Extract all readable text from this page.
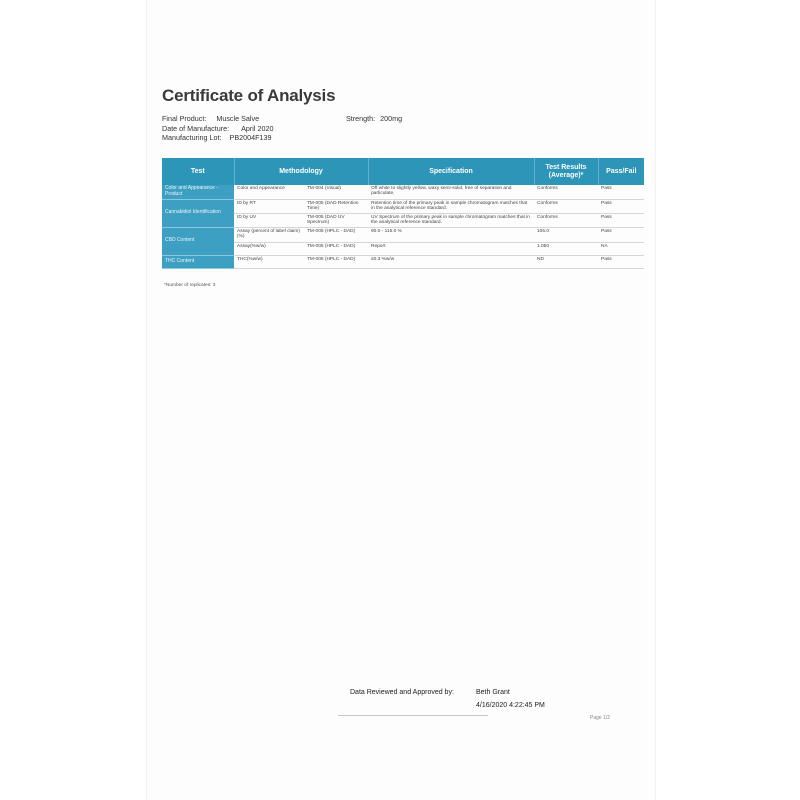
Certificate of Analysis
Final Product: Muscle Salve	Strength: 200mg
Date of Manufacture: April 2020
Manufacturing Lot: PB2004F139
Test	Methodology		Specification	Test Results (Average)*	Pass/Fail
Color and Appearance - Product	Color and Appearance	TM-004 (Visual)	Off white to slightly yellow, waxy semi-solid, free of separation and particulate.	Conforms	Pass
Cannabidiol Identification	ID by RT	TM-005 (DAD Retention Time)	Retention time of the primary peak in sample chromatogram matches that in the analytical reference standard.	Conforms	Pass
	ID by UV	TM-005 (DAD UV Spectrum)	UV Spectrum of the primary peak in sample chromatogram matches that in the analytical reference standard.	Conforms	Pass
CBD Content	Assay (percent of label claim)(%)	TM-005 (HPLC - DAD)	90.0 - 115.0 %	105.0	Pass
	Assay(%w/w)	TM-005 (HPLC - DAD)	Report	1.050	NA
THC Content	THC(%w/w)	TM-005 (HPLC - DAD)	≤0.3 %w/w	ND	Pass
*Number of replicates: 3
Data Reviewed and Approved by:	Beth Grant
4/16/2020 4:22:45 PM
Page 1/2
